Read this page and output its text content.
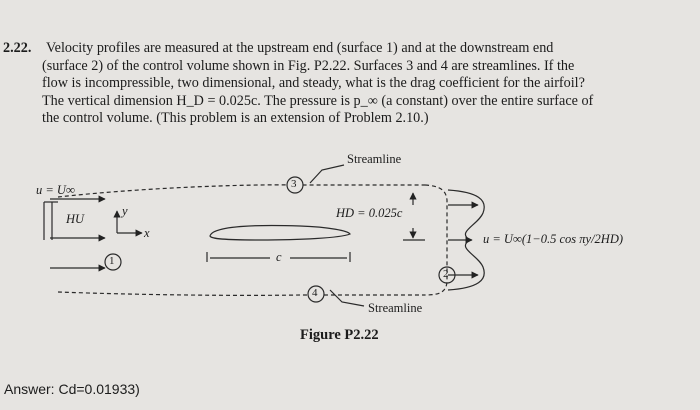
2.22. Velocity profiles are measured at the upstream end (surface 1) and at the downstream end
(surface 2) of the control volume shown in Fig. P2.22. Surfaces 3 and 4 are streamlines. If the
flow is incompressible, two dimensional, and steady, what is the drag coefficient for the airfoil?
The vertical dimension H_D = 0.025c. The pressure is p_∞ (a constant) over the entire surface of
the control volume. (This problem is an extension of Problem 2.10.)
Streamline
Streamline
u = U∞
HU
y
x
c
HD = 0.025c
u = U∞(1−0.5 cos πy/2HD)
1
2
3
4
Figure P2.22
Answer: Cd=0.01933)
